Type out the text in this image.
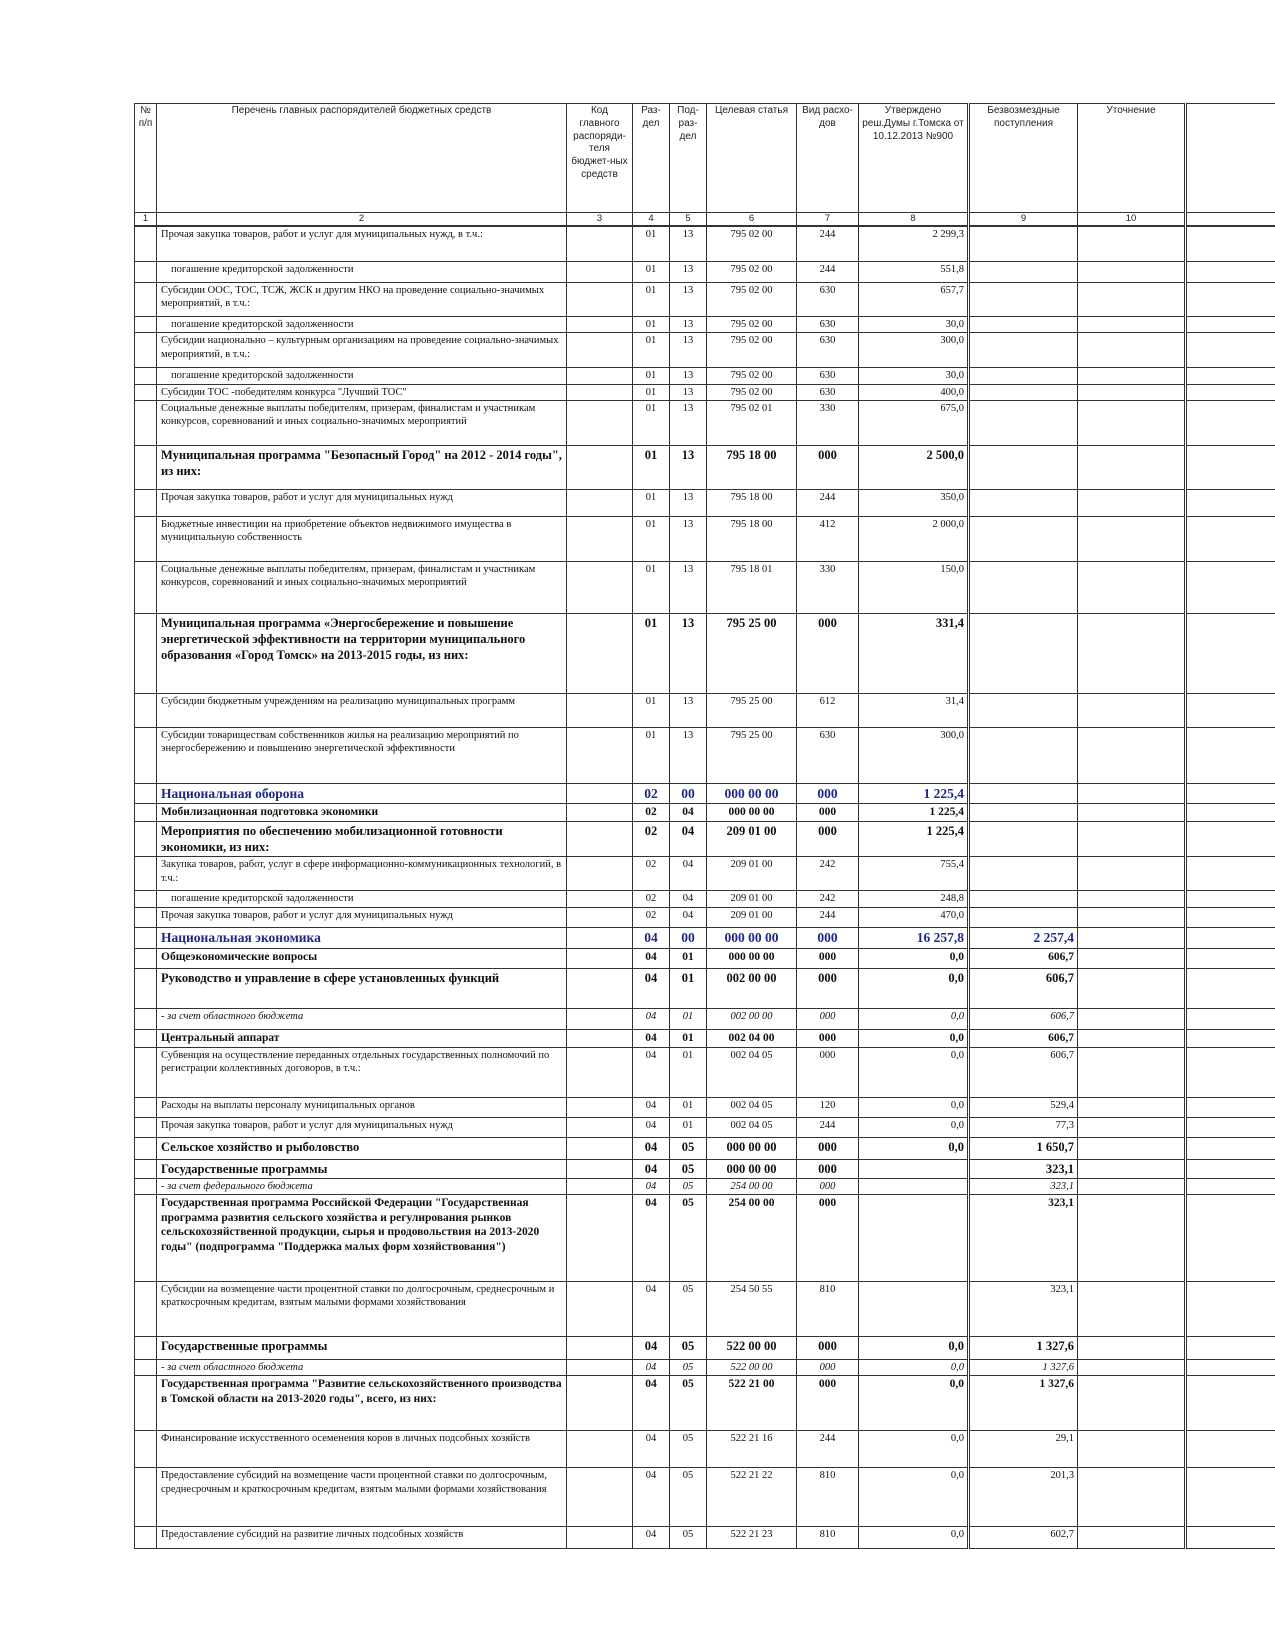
№ п/п	Перечень главных распорядителей бюджетных средств	Код главного распоряди-теля бюджет-ных средств	Раз-дел	Под-раз-дел	Целевая статья	Вид расхо-дов	Утверждено реш.Думы г.Томска от 10.12.2013 №900	Безвозмездные поступления	Уточнение	
1	2	3	4	5	6	7	8	9	10	
	Прочая закупка товаров, работ и услуг для муниципальных нужд, в т.ч.:		01	13	795 02 00	244	2 299,3			
	погашение кредиторской задолженности		01	13	795 02 00	244	551,8			
	Субсидии ООС, ТОС, ТСЖ, ЖСК и другим НКО на проведение социально-значимых мероприятий, в т.ч.:		01	13	795 02 00	630	657,7			
	погашение кредиторской задолженности		01	13	795 02 00	630	30,0			
	Субсидии национально – культурным организациям на проведение социально-значимых мероприятий, в т.ч.:		01	13	795 02 00	630	300,0			
	погашение кредиторской задолженности		01	13	795 02 00	630	30,0			
	Субсидии ТОС -победителям конкурса "Лучший ТОС"		01	13	795 02 00	630	400,0			
	Социальные денежные выплаты победителям, призерам, финалистам и участникам конкурсов, соревнований и иных социально-значимых мероприятий		01	13	795 02 01	330	675,0			
	Муниципальная программа "Безопасный Город" на 2012 - 2014 годы", из них:		01	13	795 18 00	000	2 500,0			
	Прочая закупка товаров, работ и услуг для муниципальных нужд		01	13	795 18 00	244	350,0			
	Бюджетные инвестиции на приобретение объектов недвижимого имущества в муниципальную собственность		01	13	795 18 00	412	2 000,0			
	Социальные денежные выплаты победителям, призерам, финалистам и участникам конкурсов, соревнований и иных социально-значимых мероприятий		01	13	795 18 01	330	150,0			
	Муниципальная программа «Энергосбережение и повышение энергетической эффективности на территории муниципального образования «Город Томск» на 2013-2015 годы, из них:		01	13	795 25 00	000	331,4			
	Субсидии бюджетным учреждениям на реализацию муниципальных программ		01	13	795 25 00	612	31,4			
	Субсидии товариществам собственников жилья на реализацию мероприятий по энергосбережению и повышению энергетической эффективности		01	13	795 25 00	630	300,0			
	Национальная оборона		02	00	000 00 00	000	1 225,4			
	Мобилизационная подготовка экономики		02	04	000 00 00	000	1 225,4			
	Мероприятия по обеспечению мобилизационной готовности экономики, из них:		02	04	209 01 00	000	1 225,4			
	Закупка товаров, работ, услуг в сфере информационно-коммуникационных технологий, в т.ч.:		02	04	209 01 00	242	755,4			
	погашение кредиторской задолженности		02	04	209 01 00	242	248,8			
	Прочая закупка товаров, работ и услуг для муниципальных нужд		02	04	209 01 00	244	470,0			
	Национальная экономика		04	00	000 00 00	000	16 257,8	2 257,4		
	Общеэкономические вопросы		04	01	000 00 00	000	0,0	606,7		
	Руководство и управление в сфере установленных функций		04	01	002 00 00	000	0,0	606,7		
	- за счет областного бюджета		04	01	002 00 00	000	0,0	606,7		
	Центральный аппарат		04	01	002 04 00	000	0,0	606,7		
	Субвенция на осуществление переданных отдельных государственных полномочий по регистрации коллективных договоров, в т.ч.:		04	01	002 04 05	000	0,0	606,7		
	Расходы на выплаты персоналу муниципальных органов		04	01	002 04 05	120	0,0	529,4		
	Прочая закупка товаров, работ и услуг для муниципальных нужд		04	01	002 04 05	244	0,0	77,3		
	Сельское хозяйство и рыболовство		04	05	000 00 00	000	0,0	1 650,7		
	Государственные программы		04	05	000 00 00	000		323,1		
	- за счет федерального бюджета		04	05	254 00 00	000		323,1		
	Государственная программа Российской Федерации "Государственная программа развития сельского хозяйства и регулирования рынков сельскохозяйственной продукции, сырья и продовольствия на 2013-2020 годы" (подпрограмма "Поддержка малых форм хозяйствования")		04	05	254 00 00	000		323,1		
	Субсидии на возмещение части процентной ставки по долгосрочным, среднесрочным и краткосрочным кредитам, взятым малыми формами хозяйствования		04	05	254 50 55	810		323,1		
	Государственные программы		04	05	522 00 00	000	0,0	1 327,6		
	- за счет областного бюджета		04	05	522 00 00	000	0,0	1 327,6		
	Государственная программа "Развитие сельскохозяйственного производства в Томской области на 2013-2020 годы", всего, из них:		04	05	522 21 00	000	0,0	1 327,6		
	Финансирование искусственного осеменения коров в личных подсобных хозяйств		04	05	522 21 16	244	0,0	29,1		
	Предоставление субсидий на возмещение части процентной ставки по долгосрочным, среднесрочным и краткосрочным кредитам, взятым малыми формами хозяйствования		04	05	522 21 22	810	0,0	201,3		
	Предоставление субсидий на развитие личных подсобных хозяйств		04	05	522 21 23	810	0,0	602,7		
